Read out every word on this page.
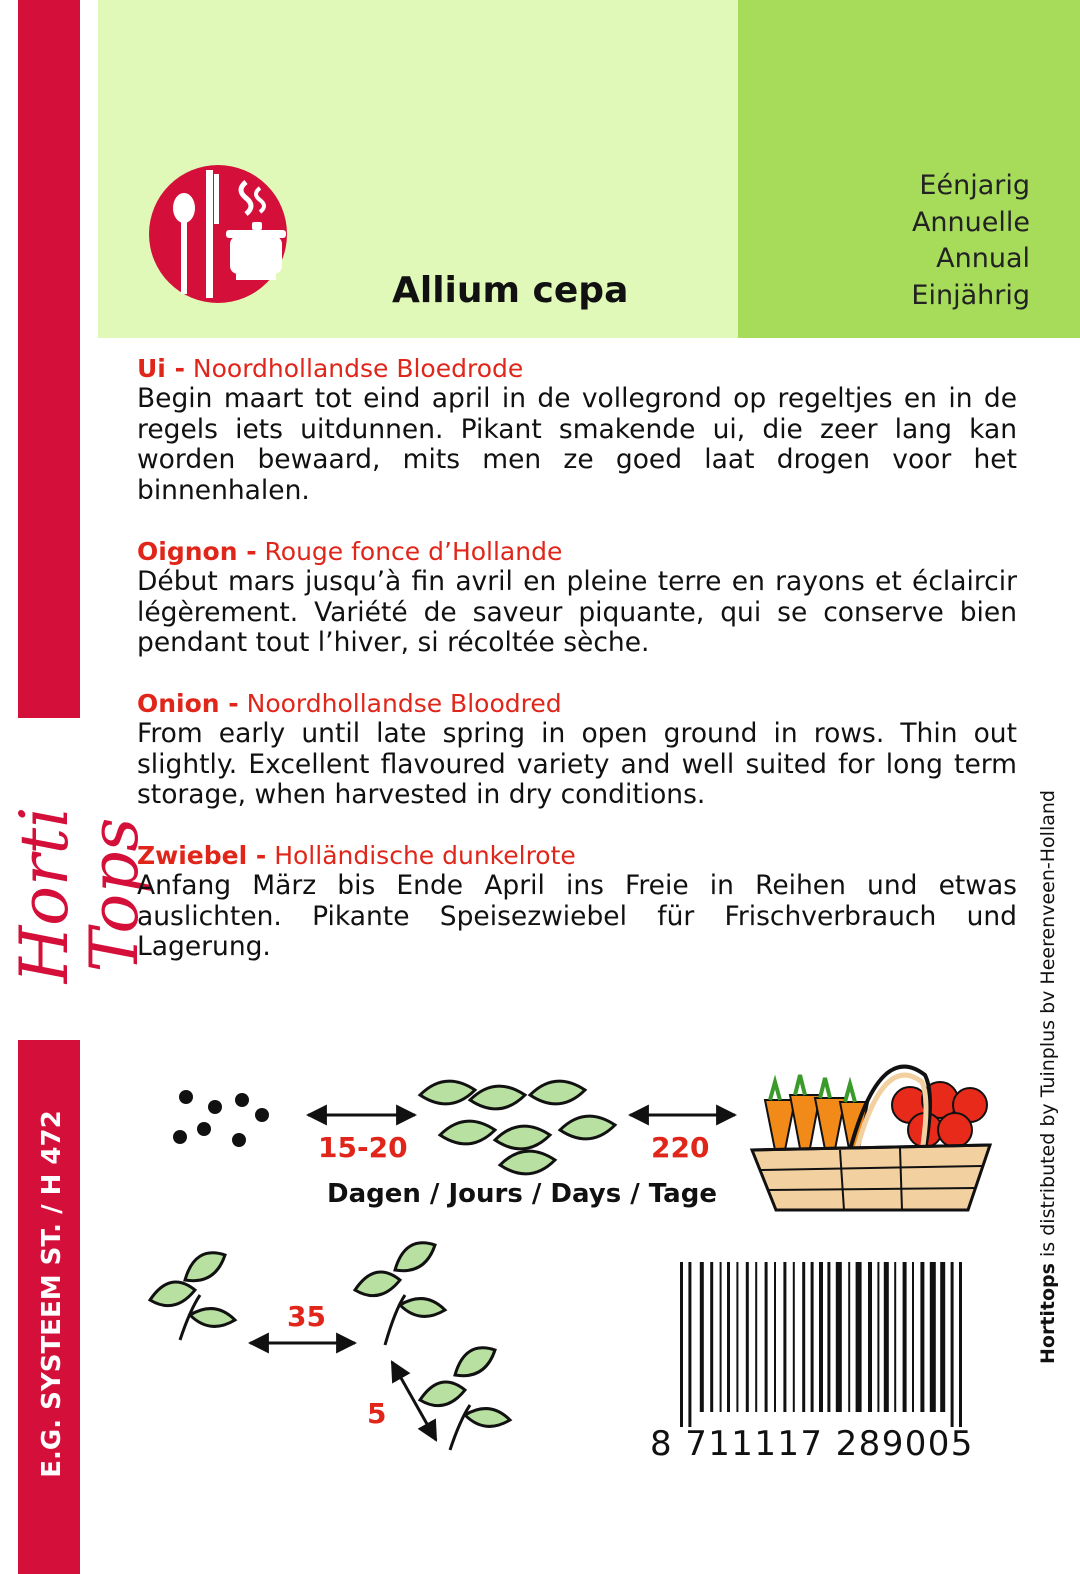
Horti Tops
E.G. SYSTEEM ST. / H 472
Allium cepa
Eénjarig
Annuelle
Annual
Einjährig
Ui - Noordhollandse Bloedrode
Begin maart tot eind april in de vollegrond op regeltjes en in de regels iets uitdunnen. Pikant smakende ui, die zeer lang kan worden bewaard, mits men ze goed laat drogen voor het binnenhalen.
Oignon - Rouge fonce d’Hollande
Début mars jusqu’à fin avril en pleine terre en rayons et éclaircir légèrement. Variété de saveur piquante, qui se conserve bien pendant tout l’hiver, si récoltée sèche.
Onion - Noordhollandse Bloodred
From early until late spring in open ground in rows. Thin out slightly. Excellent flavoured variety and well suited for long term storage, when harvested in dry conditions.
Zwiebel - Holländische dunkelrote
Anfang März bis Ende April ins Freie in Reihen und etwas auslichten. Pikante Speisezwiebel für Frischverbrauch und Lagerung.
Hortitops is distributed by Tuinplus bv Heerenveen-Holland
15-20	220
Dagen / Jours / Days / Tage
35
5
8 711117 289005
